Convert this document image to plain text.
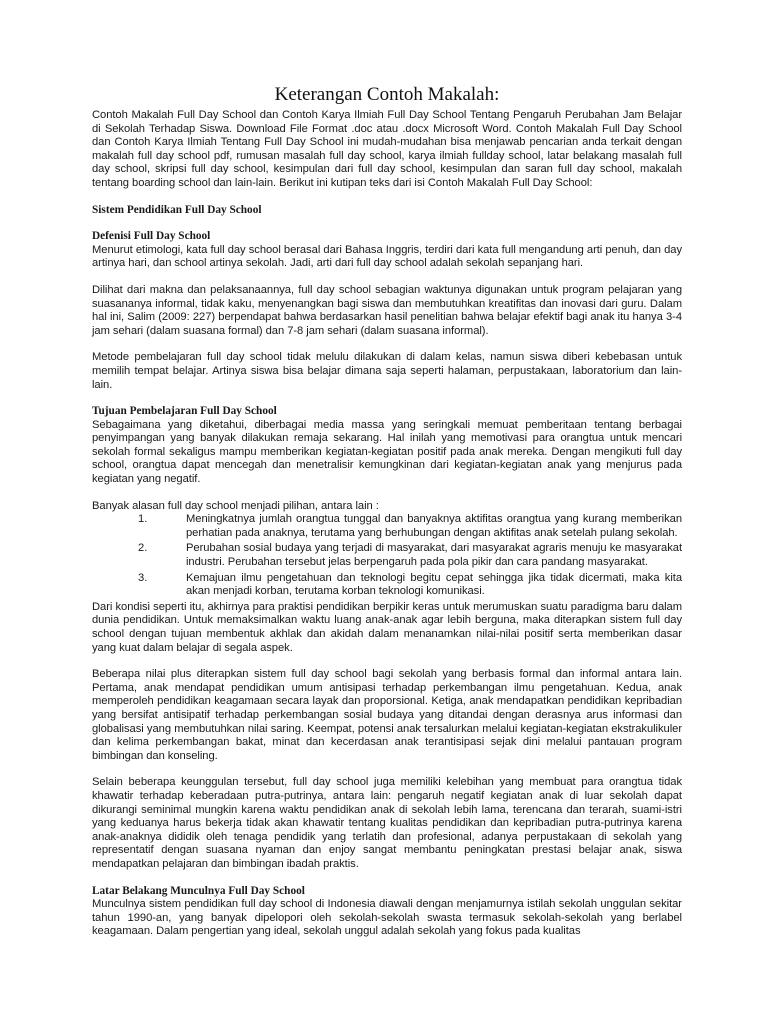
Keterangan Contoh Makalah:

Contoh Makalah Full Day School dan Contoh Karya Ilmiah Full Day School Tentang Pengaruh Perubahan Jam Belajar di Sekolah Terhadap Siswa. Download File Format .doc atau .docx Microsoft Word. Contoh Makalah Full Day School dan Contoh Karya Ilmiah Tentang Full Day School ini mudah-mudahan bisa menjawab pencarian anda terkait dengan makalah full day school pdf, rumusan masalah full day school, karya ilmiah fullday school, latar belakang masalah full day school, skripsi full day school, kesimpulan dari full day school, kesimpulan dan saran full day school, makalah tentang boarding school dan lain-lain. Berikut ini kutipan teks dari isi Contoh Makalah Full Day School:

Sistem Pendidikan Full Day School
Defenisi Full Day School

Menurut etimologi, kata full day school berasal dari Bahasa Inggris, terdiri dari kata full mengandung arti penuh, dan day artinya hari, dan school artinya sekolah. Jadi, arti dari full day school adalah sekolah sepanjang hari.

Dilihat dari makna dan pelaksanaannya, full day school sebagian waktunya digunakan untuk program pelajaran yang suasananya informal, tidak kaku, menyenangkan bagi siswa dan membutuhkan kreatifitas dan inovasi dari guru. Dalam hal ini, Salim (2009: 227) berpendapat bahwa berdasarkan hasil penelitian bahwa belajar efektif bagi anak itu hanya 3-4 jam sehari (dalam suasana formal) dan 7-8 jam sehari (dalam suasana informal).

Metode pembelajaran full day school tidak melulu dilakukan di dalam kelas, namun siswa diberi kebebasan untuk memilih tempat belajar. Artinya siswa bisa belajar dimana saja seperti halaman, perpustakaan, laboratorium dan lain-lain.

Tujuan Pembelajaran Full Day School

Sebagaimana yang diketahui, diberbagai media massa yang seringkali memuat pemberitaan tentang berbagai penyimpangan yang banyak dilakukan remaja sekarang. Hal inilah yang memotivasi para orangtua untuk mencari sekolah formal sekaligus mampu memberikan kegiatan-kegiatan positif pada anak mereka. Dengan mengikuti full day school, orangtua dapat mencegah dan menetralisir kemungkinan dari kegiatan-kegiatan anak yang menjurus pada kegiatan yang negatif.

Banyak alasan full day school menjadi pilihan, antara lain :

1.	Meningkatnya jumlah orangtua tunggal dan banyaknya aktifitas orangtua yang kurang memberikan perhatian pada anaknya, terutama yang berhubungan dengan aktifitas anak setelah pulang sekolah.
2.	Perubahan sosial budaya yang terjadi di masyarakat, dari masyarakat agraris menuju ke masyarakat industri. Perubahan tersebut jelas berpengaruh pada pola pikir dan cara pandang masyarakat.
3.	Kemajuan ilmu pengetahuan dan teknologi begitu cepat sehingga jika tidak dicermati, maka kita akan menjadi korban, terutama korban teknologi komunikasi.

Dari kondisi seperti itu, akhirnya para praktisi pendidikan berpikir keras untuk merumuskan suatu paradigma baru dalam dunia pendidikan. Untuk memaksimalkan waktu luang anak-anak agar lebih berguna, maka diterapkan sistem full day school dengan tujuan membentuk akhlak dan akidah dalam menanamkan nilai-nilai positif serta memberikan dasar yang kuat dalam belajar di segala aspek.

Beberapa nilai plus diterapkan sistem full day school bagi sekolah yang berbasis formal dan informal antara lain. Pertama, anak mendapat pendidikan umum antisipasi terhadap perkembangan ilmu pengetahuan. Kedua, anak memperoleh pendidikan keagamaan secara layak dan proporsional. Ketiga, anak mendapatkan pendidikan kepribadian yang bersifat antisipatif terhadap perkembangan sosial budaya yang ditandai dengan derasnya arus informasi dan globalisasi yang membutuhkan nilai saring. Keempat, potensi anak tersalurkan melalui kegiatan-kegiatan ekstrakulikuler dan kelima perkembangan bakat, minat dan kecerdasan anak terantisipasi sejak dini melalui pantauan program bimbingan dan konseling.

Selain beberapa keunggulan tersebut, full day school juga memiliki kelebihan yang membuat para orangtua tidak khawatir terhadap keberadaan putra-putrinya, antara lain: pengaruh negatif kegiatan anak di luar sekolah dapat dikurangi seminimal mungkin karena waktu pendidikan anak di sekolah lebih lama, terencana dan terarah, suami-istri yang keduanya harus bekerja tidak akan khawatir tentang kualitas pendidikan dan kepribadian putra-putrinya karena anak-anaknya dididik oleh tenaga pendidik yang terlatih dan profesional, adanya perpustakaan di sekolah yang representatif dengan suasana nyaman dan enjoy sangat membantu peningkatan prestasi belajar anak, siswa mendapatkan pelajaran dan bimbingan ibadah praktis.

Latar Belakang Munculnya Full Day School

Munculnya sistem pendidikan full day school di Indonesia diawali dengan menjamurnya istilah sekolah unggulan sekitar tahun 1990-an, yang banyak dipelopori oleh sekolah-sekolah swasta termasuk sekolah-sekolah yang berlabel keagamaan. Dalam pengertian yang ideal, sekolah unggul adalah sekolah yang fokus pada kualitas
